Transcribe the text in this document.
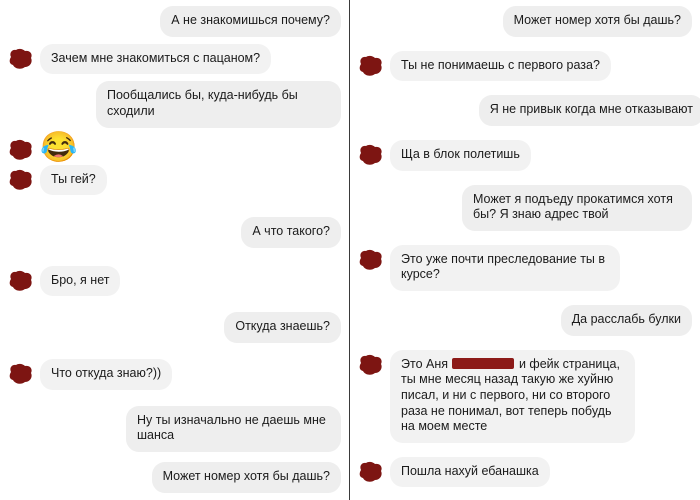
А не знакомишься почему?
Зачем мне знакомиться с пацаном?
Пообщались бы, куда-нибудь бы сходили
😂
Ты гей?
А что такого?
Бро, я нет
Откуда знаешь?
Что откуда знаю?))
Ну ты изначально не даешь мне шанса
Может номер хотя бы дашь?
Может номер хотя бы дашь?
Ты не понимаешь с первого раза?
Я не привык когда мне отказывают
Ща в блок полетишь
Может я подъеду прокатимся хотя бы? Я знаю адрес твой
Это уже почти преследование ты в курсе?
Да расслабь булки
Это Аня	и фейк страница, ты мне месяц назад такую же хуйню писал, и ни с первого, ни со второго раза не понимал, вот теперь побудь на моем месте
Пошла нахуй ебанашка
